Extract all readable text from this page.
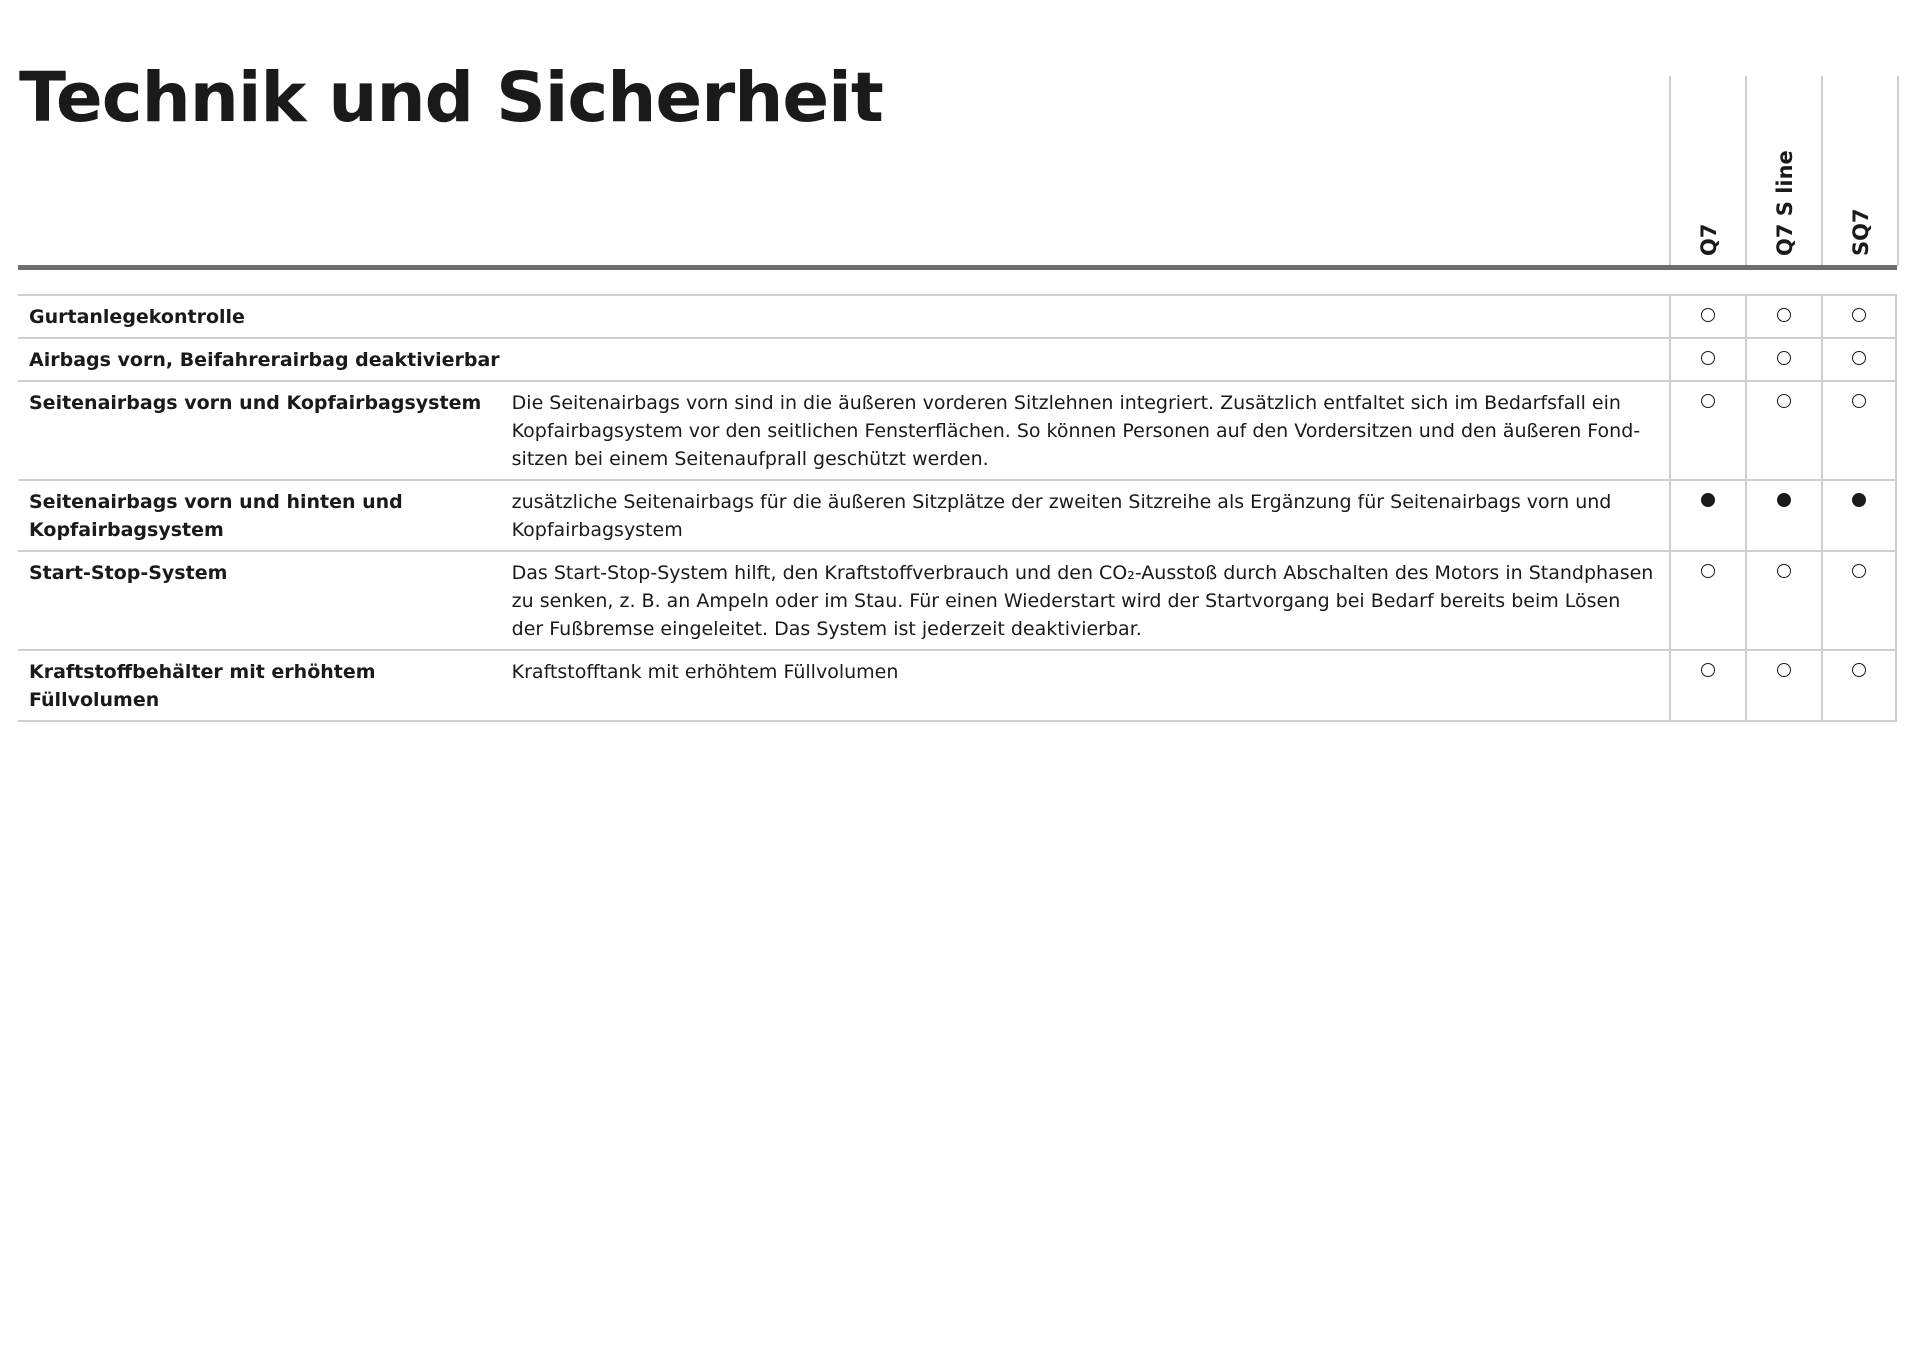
Technik und Sicherheit
Q7 Q7 S line SQ7
Gurtanlegekontrolle
Airbags vorn, Beifahrerairbag deaktivierbar
Seitenairbags vorn und Kopfairbagsystem	Die Seitenairbags vorn sind in die äußeren vorderen Sitzlehnen integriert. Zusätzlich entfaltet sich im Bedarfsfall ein Kopfairbagsystem vor den seitlichen Fensterflächen. So können Personen auf den Vordersitzen und den äußeren Fondsitzen bei einem Seitenaufprall geschützt werden.
Seitenairbags vorn und hinten und Kopfairbagsystem
zusätzliche Seitenairbags für die äußeren Sitzplätze der zweiten Sitzreihe als Ergänzung für Seitenairbags vorn und Kopfairbagsystem
Start-Stop-System	Das Start-Stop-System hilft, den Kraftstoffverbrauch und den CO₂-Ausstoß durch Abschalten des Motors in Standphasen zu senken, z. B. an Ampeln oder im Stau. Für einen Wiederstart wird der Startvorgang bei Bedarf bereits beim Lösen der Fußbremse eingeleitet. Das System ist jederzeit deaktivierbar.
Kraftstoffbehälter mit erhöhtem Füllvolumen
Kraftstofftank mit erhöhtem Füllvolumen
